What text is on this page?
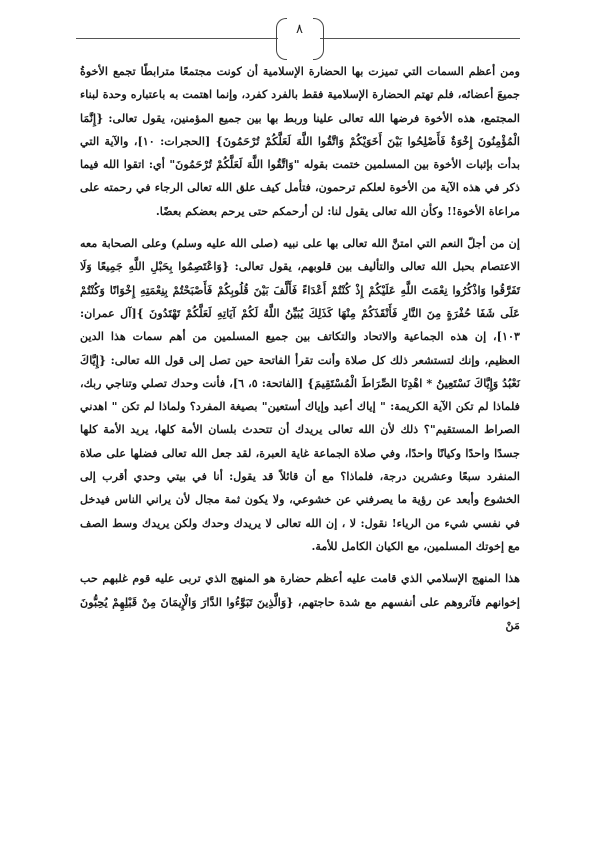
٨

ومن أعظم السمات التي تميزت بها الحضارة الإسلامية أن كونت مجتمعًا مترابطًا تجمع الأخوةُ جميعَ أعضائه، فلم تهتم الحضارة الإسلامية فقط بالفرد كفرد، وإنما اهتمت به باعتباره وحدة لبناء المجتمع، هذه الأخوة فرضها الله تعالى علينا وربط بها بين جميع المؤمنين، يقول تعالى: {إِنَّمَا الْمُؤْمِنُونَ إِخْوَةٌ فَأَصْلِحُوا بَيْنَ أَخَوَيْكُمْ وَاتَّقُوا اللَّهَ لَعَلَّكُمْ تُرْحَمُونَ} [الحجرات: ١٠]، والآية التي بدأت بإثبات الأخوة بين المسلمين ختمت بقوله "وَاتَّقُوا اللَّهَ لَعَلَّكُمْ تُرْحَمُونَ" أي: اتقوا الله فيما ذكر في هذه الآية من الأخوة لعلكم ترحمون، فتأمل كيف علق الله تعالى الرجاء في رحمته على مراعاة الأخوة!! وكأن الله تعالى يقول لنا: لن أرحمكم حتى يرحم بعضكم بعضًا.

إن من أجلّ النعم التي امتنَّ الله تعالى بها على نبيه (صلى الله عليه وسلم) وعلى الصحابة معه الاعتصام بحبل الله تعالى والتأليف بين قلوبهم، يقول تعالى: {وَاعْتَصِمُوا بِحَبْلِ اللَّهِ جَمِيعًا وَلَا تَفَرَّقُوا وَاذْكُرُوا نِعْمَتَ اللَّهِ عَلَيْكُمْ إِذْ كُنْتُمْ أَعْدَاءً فَأَلَّفَ بَيْنَ قُلُوبِكُمْ فَأَصْبَحْتُمْ بِنِعْمَتِهِ إِخْوَانًا وَكُنْتُمْ عَلَى شَفَا حُفْرَةٍ مِنَ النَّارِ فَأَنْقَذَكُمْ مِنْهَا كَذَلِكَ يُبَيِّنُ اللَّهُ لَكُمْ آيَاتِهِ لَعَلَّكُمْ تَهْتَدُونَ }[آل عمران: ١٠٣]، إن هذه الجماعية والاتحاد والتكاتف بين جميع المسلمين من أهم سمات هذا الدين العظيم، وإنك لتستشعر ذلك كل صلاة وأنت تقرأ الفاتحة حين تصل إلى قول الله تعالى: {إِيَّاكَ نَعْبُدُ وَإِيَّاكَ نَسْتَعِينُ * اهْدِنَا الصِّرَاطَ الْمُسْتَقِيمَ} [الفاتحة: ٥، ٦]، فأنت وحدك تصلي وتناجي ربك، فلماذا لم تكن الآية الكريمة: " إياك أعبد وإياك أستعين" بصيغة المفرد؟ ولماذا لم تكن " اهدني الصراط المستقيم"؟ ذلك لأن الله تعالى يريدك أن تتحدث بلسان الأمة كلها، يريد الأمة كلها جسدًا واحدًا وكيانًا واحدًا، وفي صلاة الجماعة غاية العبرة، لقد جعل الله تعالى فضلها على صلاة المنفرد سبعًا وعشرين درجة، فلماذا؟ مع أن قائلاً قد يقول: أنا في بيتي وحدي أقرب إلى الخشوع وأبعد عن رؤية ما يصرفني عن خشوعي، ولا يكون ثمة مجال لأن يراني الناس فيدخل في نفسي شيء من الرياء! نقول: لا ، إن الله تعالى لا يريدك وحدك ولكن يريدك وسط الصف مع إخوتك المسلمين، مع الكيان الكامل للأمة.

هذا المنهج الإسلامي الذي قامت عليه أعظم حضارة هو المنهج الذي تربى عليه قوم غلبهم حب إخوانهم فآثروهم على أنفسهم مع شدة حاجتهم، {وَالَّذِينَ تَبَوَّءُوا الدَّارَ وَالْإِيمَانَ مِنْ قَبْلِهِمْ يُحِبُّونَ مَنْ
